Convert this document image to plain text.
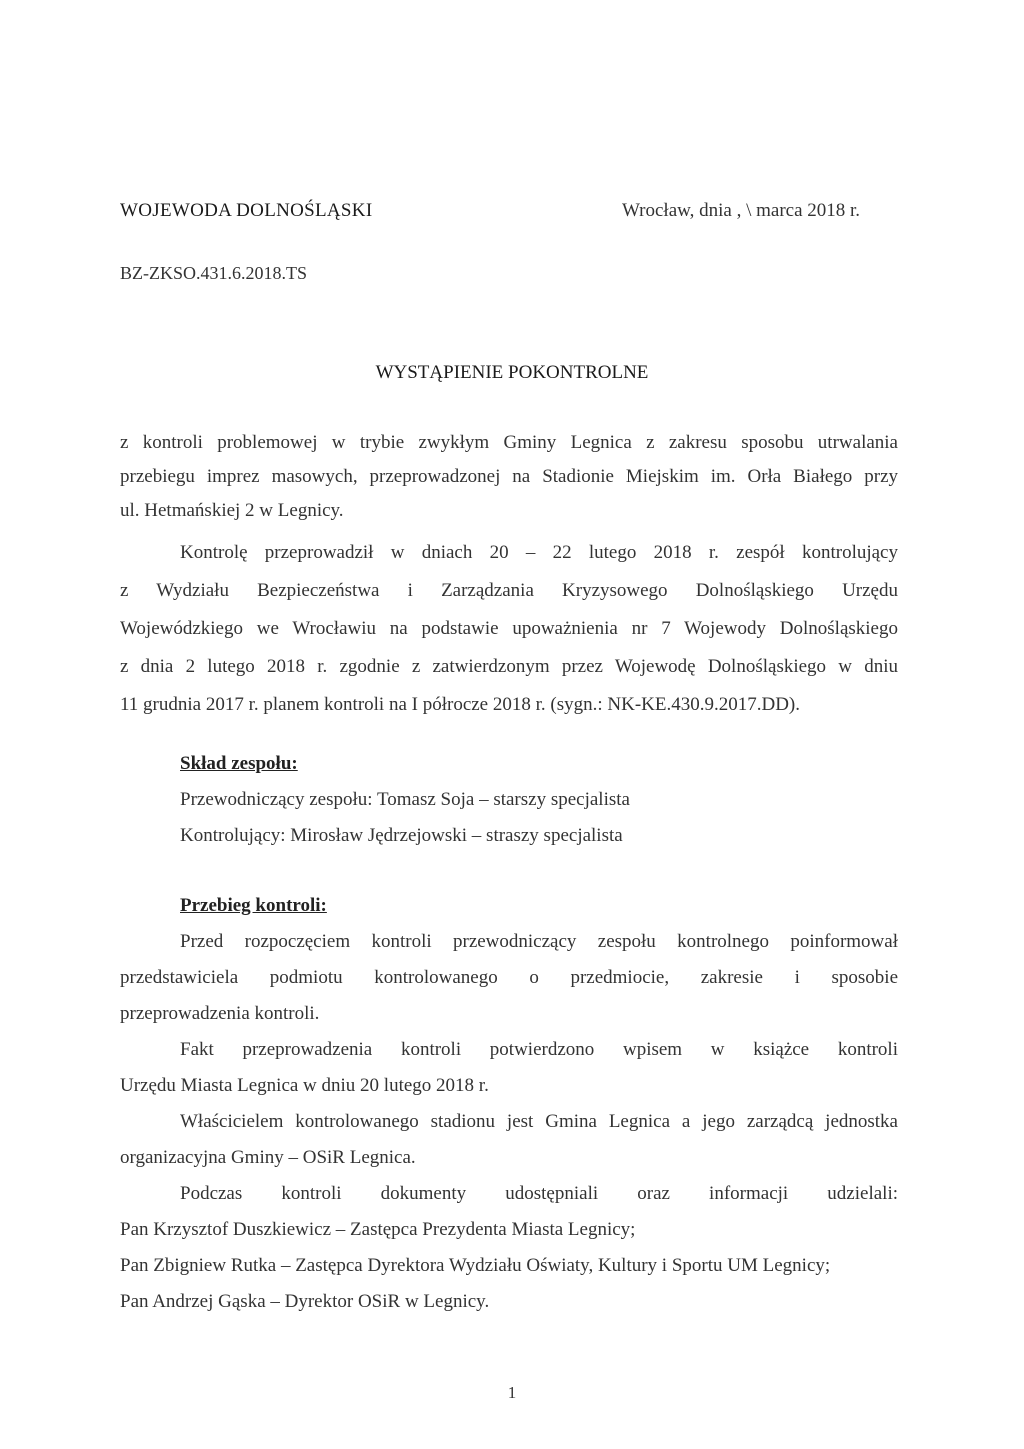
WOJEWODA DOLNOŚLĄSKI	Wrocław, dnia , \ marca 2018 r.
BZ-ZKSO.431.6.2018.TS
WYSTĄPIENIE POKONTROLNE
z kontroli problemowej w trybie zwykłym Gminy Legnica z zakresu sposobu utrwalania
przebiegu imprez masowych, przeprowadzonej na Stadionie Miejskim im. Orła Białego przy
ul. Hetmańskiej 2 w Legnicy.
Kontrolę przeprowadził w dniach 20 – 22 lutego 2018 r. zespół kontrolujący
z Wydziału Bezpieczeństwa i Zarządzania Kryzysowego Dolnośląskiego Urzędu
Wojewódzkiego we Wrocławiu na podstawie upoważnienia nr 7 Wojewody Dolnośląskiego
z dnia 2 lutego 2018 r. zgodnie z zatwierdzonym przez Wojewodę Dolnośląskiego w dniu
11 grudnia 2017 r. planem kontroli na I półrocze 2018 r. (sygn.: NK-KE.430.9.2017.DD).
Skład zespołu:
Przewodniczący zespołu: Tomasz Soja – starszy specjalista
Kontrolujący: Mirosław Jędrzejowski – straszy specjalista
Przebieg kontroli:
Przed rozpoczęciem kontroli przewodniczący zespołu kontrolnego poinformował
przedstawiciela podmiotu kontrolowanego o przedmiocie, zakresie i sposobie
przeprowadzenia kontroli.
Fakt przeprowadzenia kontroli potwierdzono wpisem w książce kontroli
Urzędu Miasta Legnica w dniu 20 lutego 2018 r.
Właścicielem kontrolowanego stadionu jest Gmina Legnica a jego zarządcą jednostka
organizacyjna Gminy – OSiR Legnica.
Podczas kontroli dokumenty udostępniali oraz informacji udzielali:
Pan Krzysztof Duszkiewicz – Zastępca Prezydenta Miasta Legnicy;
Pan Zbigniew Rutka – Zastępca Dyrektora Wydziału Oświaty, Kultury i Sportu UM Legnicy;
Pan Andrzej Gąska – Dyrektor OSiR w Legnicy.
1
